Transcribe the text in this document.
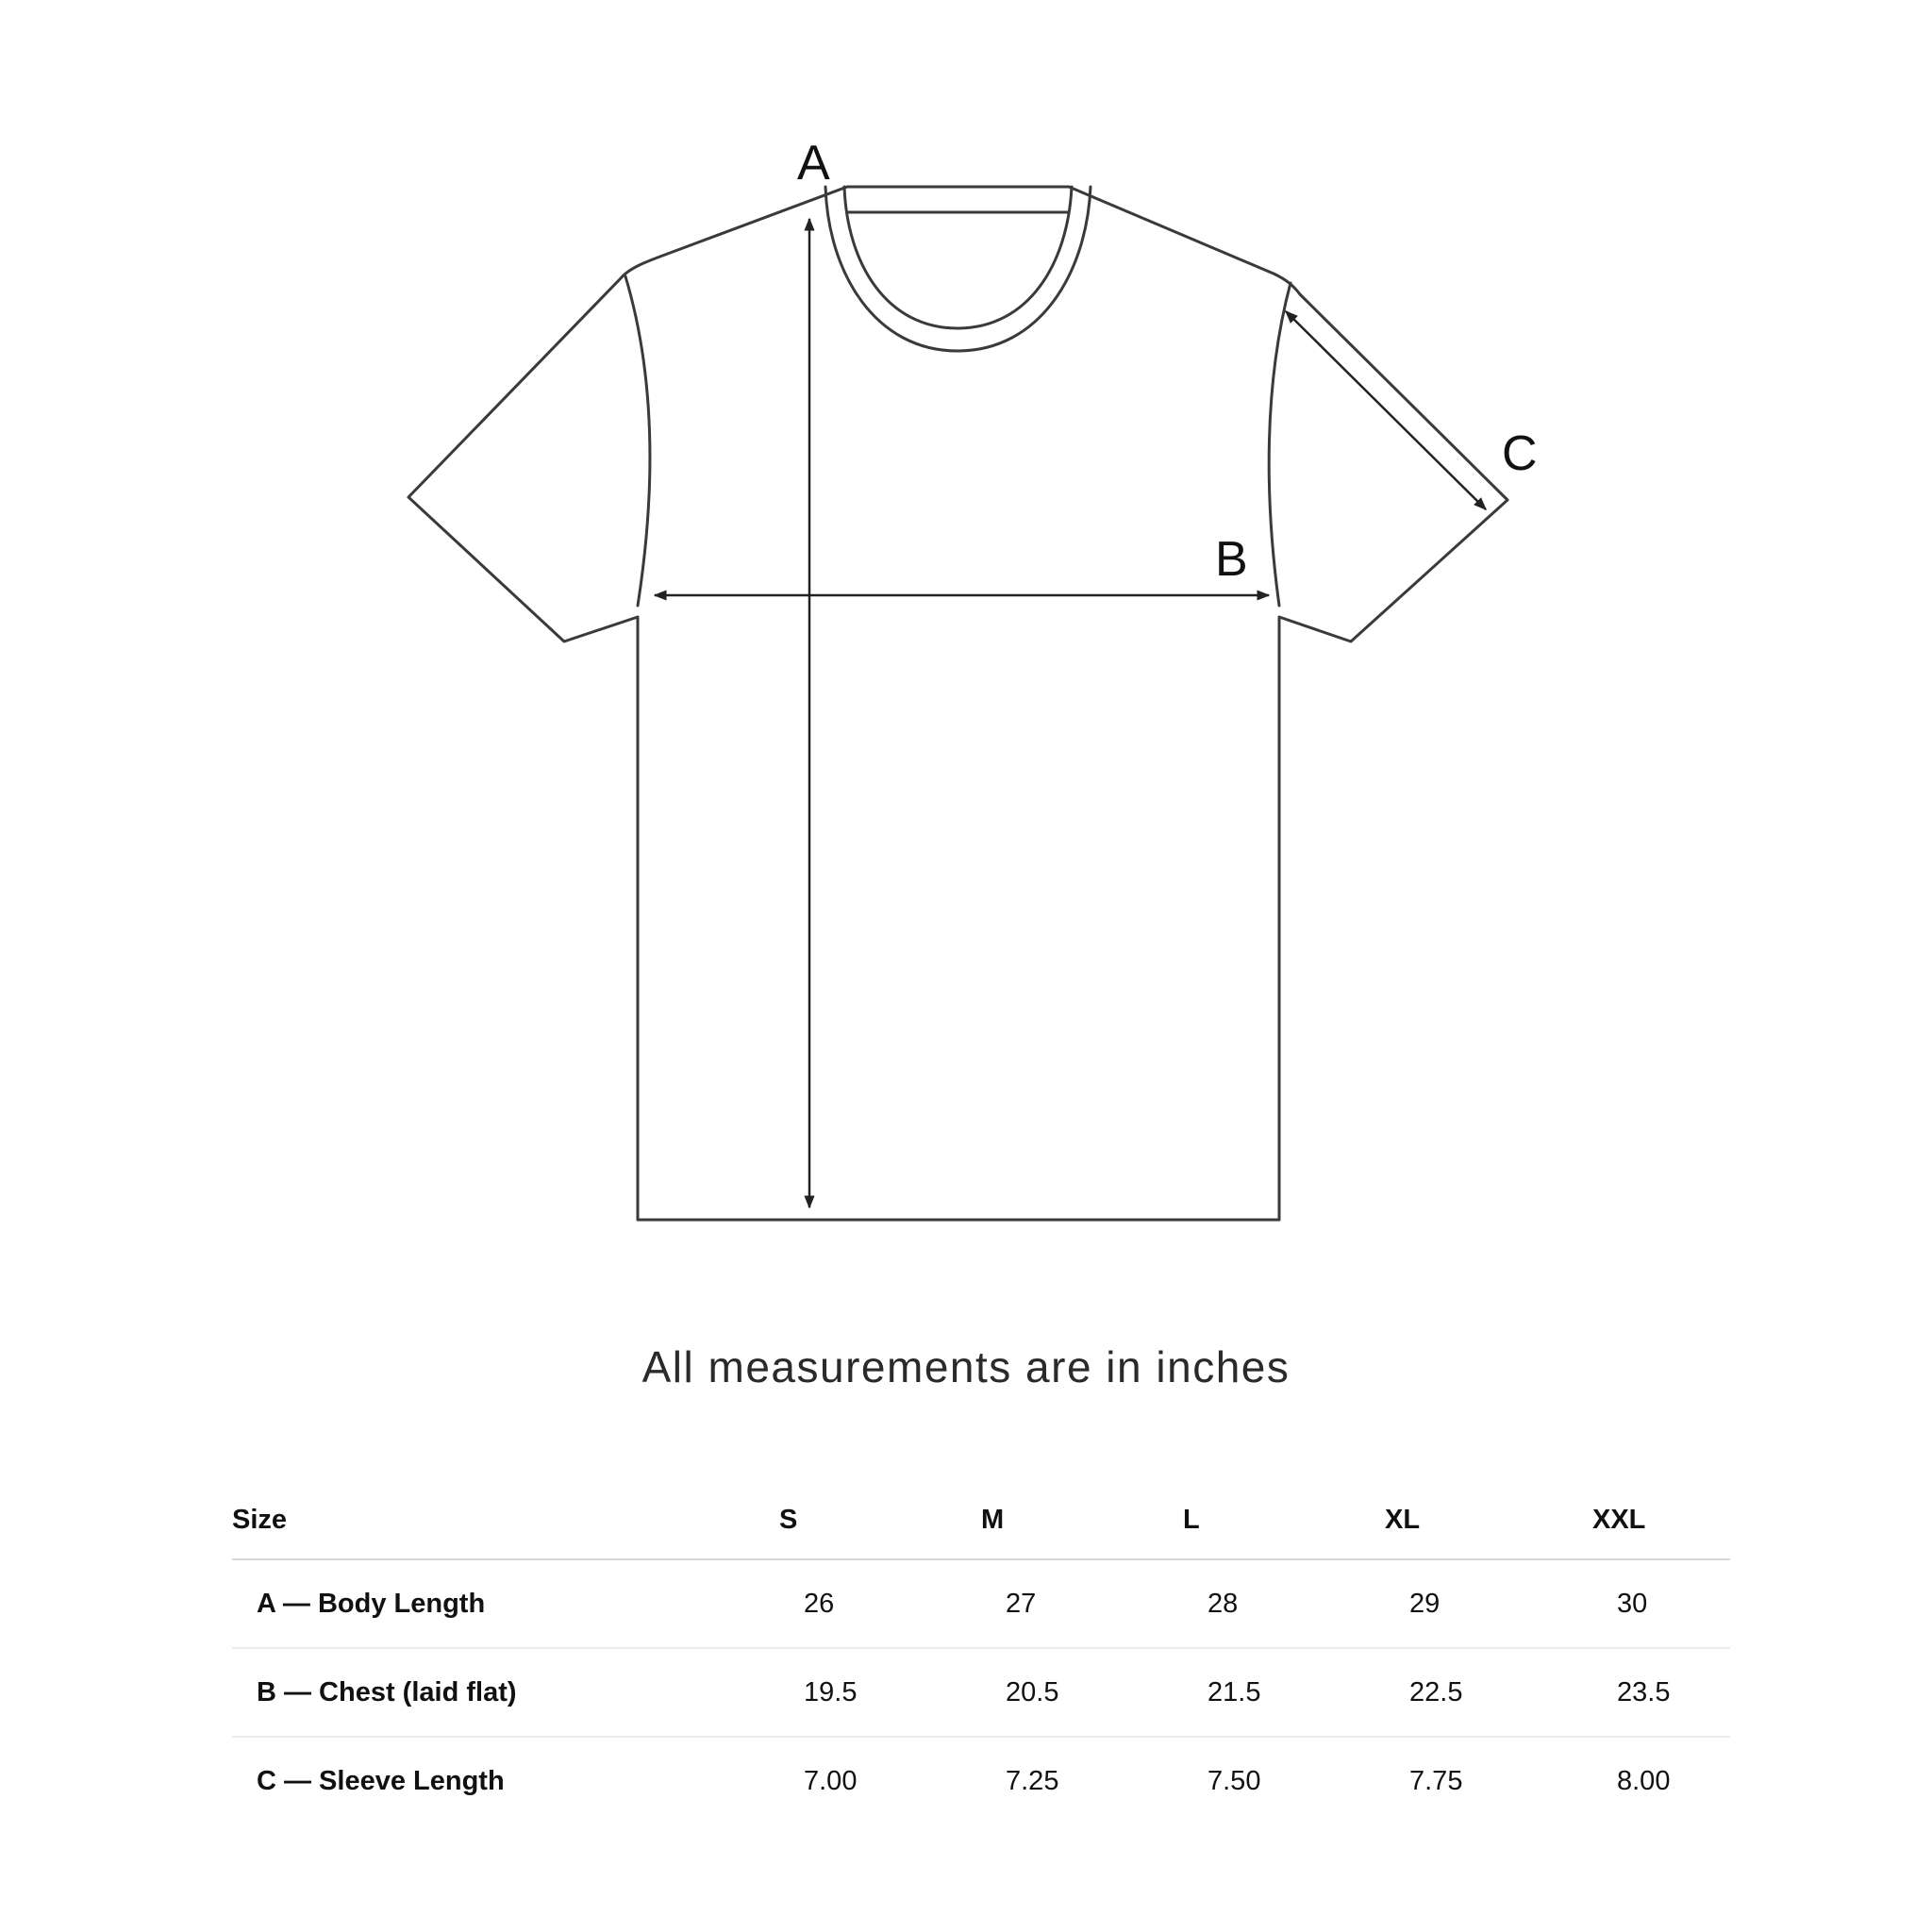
A
B
C
All measurements are in inches
Size	S	M	L	XL	XXL
A — Body Length	26	27	28	29	30
B — Chest (laid flat)	19.5	20.5	21.5	22.5	23.5
C — Sleeve Length	7.00	7.25	7.50	7.75	8.00
